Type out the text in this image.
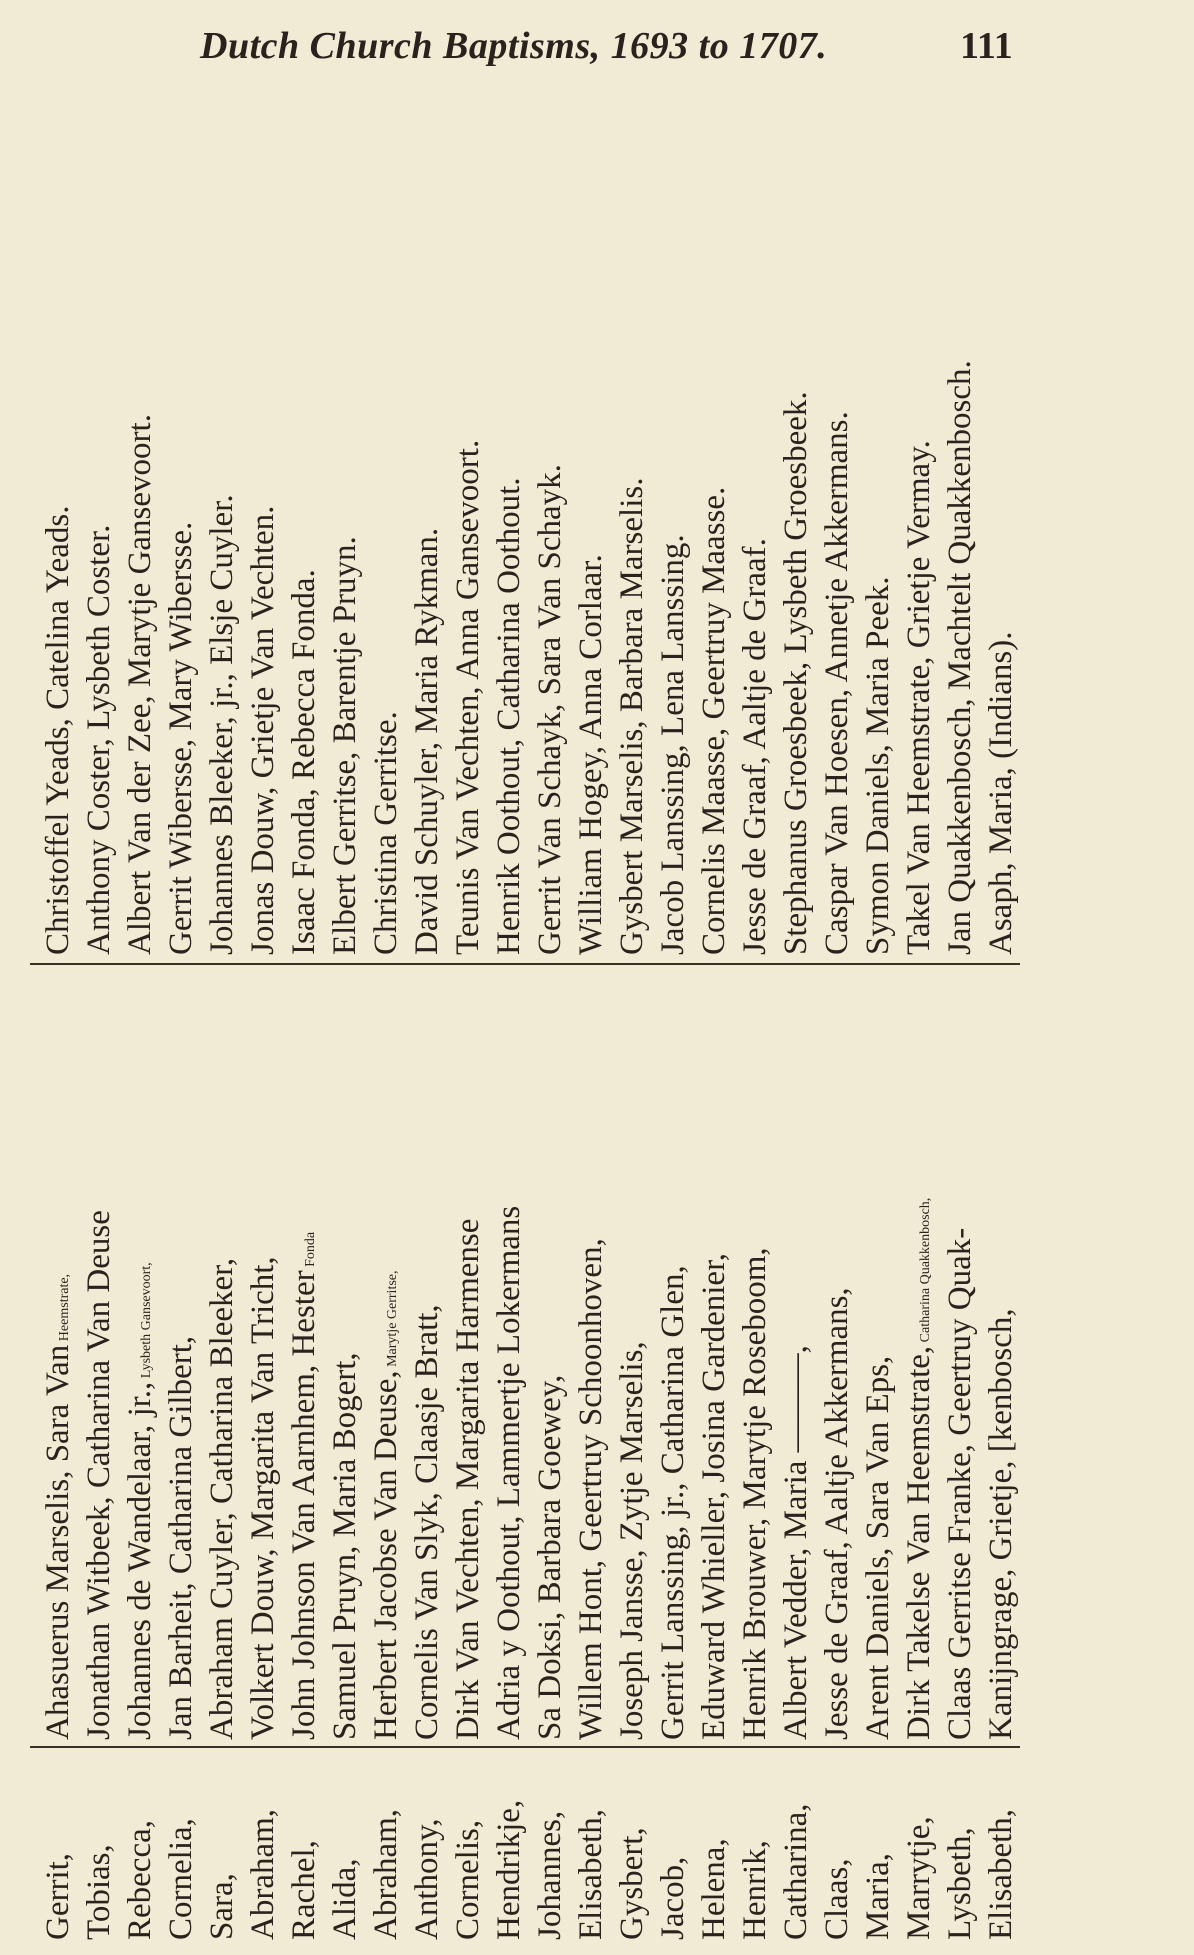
Dutch Church Baptisms, 1693 to 1707.	111
Gerrit,
Ahasuerus Marselis, Sara Van Heemstrate,
Christoffel Yeads, Catelina Yeads.
Tobias,
Jonathan Witbeek, Catharina Van Deuse
Anthony Coster, Lysbeth Coster.
Rebecca,
Johannes de Wandelaar, jr., Lysbeth Gansevoort,
Albert Van der Zee, Marytje Gansevoort.
Cornelia,
Jan Barheit, Catharina Gilbert,
Gerrit Wibersse, Mary Wibersse.
Sara,
Abraham Cuyler, Catharina Bleeker,
Johannes Bleeker, jr., Elsje Cuyler.
Abraham,
Volkert Douw, Margarita Van Tricht,
Jonas Douw, Grietje Van Vechten.
Rachel,
John Johnson Van Aarnhem, Hester Fonda
Isaac Fonda, Rebecca Fonda.
Alida,
Samuel Pruyn, Maria Bogert,
Elbert Gerritse, Barentje Pruyn.
Abraham,
Herbert Jacobse Van Deuse, Marytje Gerritse,
Christina Gerritse.
Anthony,
Cornelis Van Slyk, Claasje Bratt,
David Schuyler, Maria Rykman.
Cornelis,
Dirk Van Vechten, Margarita Harmense
Teunis Van Vechten, Anna Gansevoort.
Hendrikje,
Adria y Oothout, Lammertje Lokermans
Henrik Oothout, Catharina Oothout.
Johannes,
Sa Doksi, Barbara Goewey,
Gerrit Van Schayk, Sara Van Schayk.
Elisabeth,
Willem Hont, Geertruy Schoonhoven,
William Hogey, Anna Corlaar.
Gysbert,
Joseph Jansse, Zytje Marselis,
Gysbert Marselis, Barbara Marselis.
Jacob,
Gerrit Lanssing, jr., Catharina Glen,
Jacob Lanssing, Lena Lanssing.
Helena,
Eduward Whieller, Josina Gardenier,
Cornelis Maasse, Geertruy Maasse.
Henrik,
Henrik Brouwer, Marytje Roseboom,
Jesse de Graaf, Aaltje de Graaf.
Catharina,
Albert Vedder, Maria ———,
Stephanus Groesbeek, Lysbeth Groesbeek.
Claas,
Jesse de Graaf, Aaltje Akkermans,
Caspar Van Hoesen, Annetje Akkermans.
Maria,
Arent Daniels, Sara Van Eps,
Symon Daniels, Maria Peek.
Marrytje,
Dirk Takelse Van Heemstrate, Catharina Quakkenbosch,
Takel Van Heemstrate, Grietje Vermay.
Lysbeth,
Claas Gerritse Franke, Geertruy Quak-
Jan Quakkenbosch, Machtelt Quakkenbosch.
Elisabeth,
Kanijngrage, Grietje, [kenbosch,
Asaph, Maria, (Indians).
